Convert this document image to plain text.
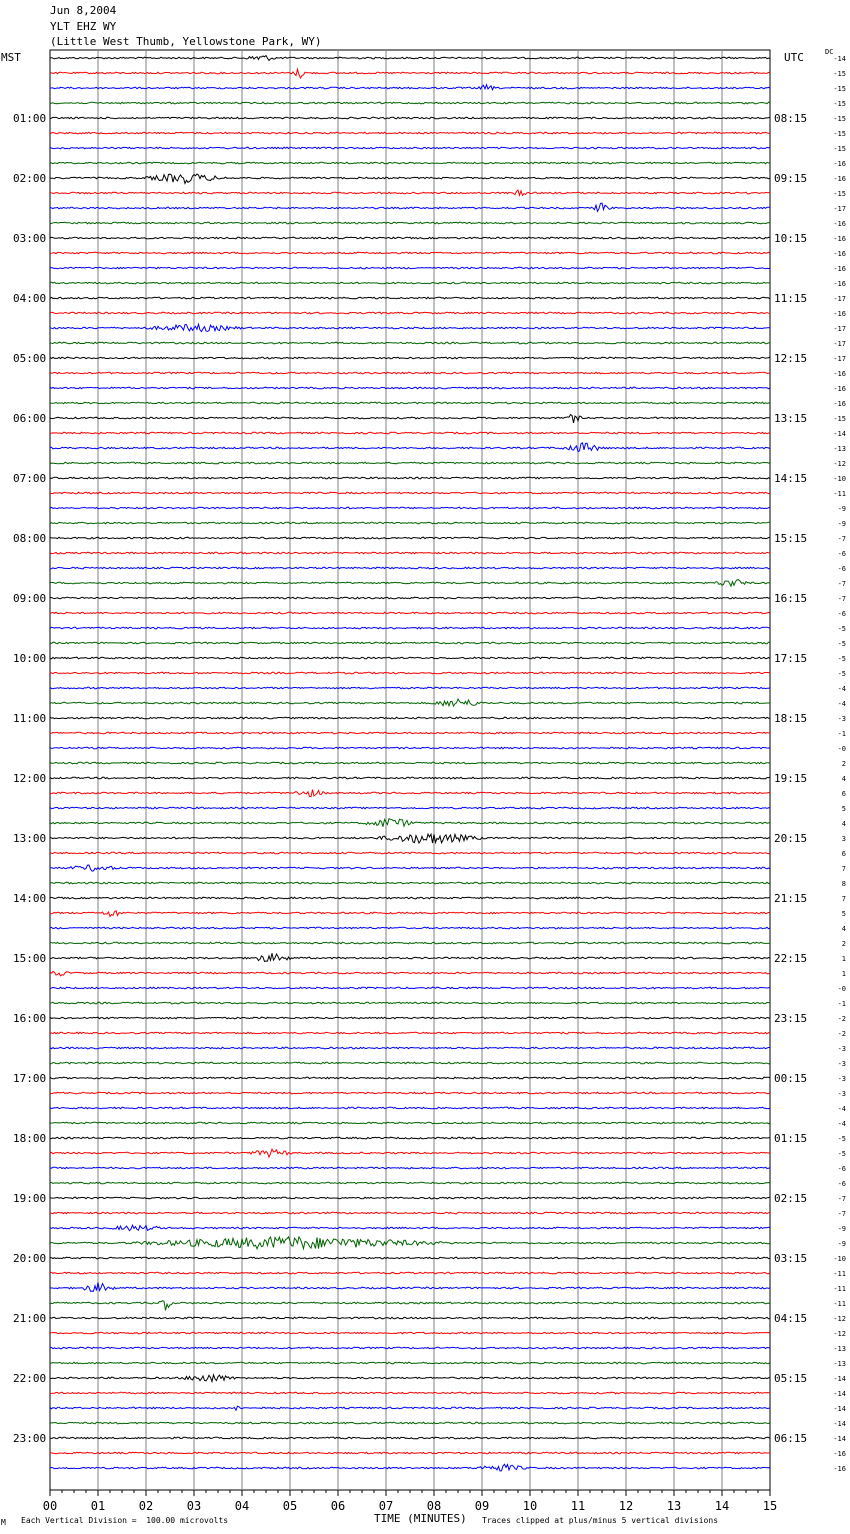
Jun 8,2004
YLT EHZ WY
(Little West Thumb, Yellowstone Park, WY)
MST	UTC	DC
00	01	02	03	04	05	06	07	08	09	10	11	12	13	14	15
-14
-15
-15
-15
-15
-15
-15
-16
-16
-15
-17
-16
-16
-16
-16
-16
-17
-16
-17
-17
-17
-16
-16
-16
-15
-14
-13
-12
-10
-11
-9
-9
-7
-6
-6
-7
-7
-6
-5
-5
-5
-5
-4
-4
-3
-1
-0
2
4
6
5
4
3
6
7
8
7
5
4
2
1
1
-0
-1
-2
-2
-3
-3
-3
-3
-4
-4
-5
-5
-6
-6
-7
-7
-9
-9
-10
-11
-11
-11
-12
-12
-13
-13
-14
-14
-14
-14
-14
-16
-16
01:00
02:00
03:00
04:00
05:00
06:00
07:00
08:00
09:00
10:00
11:00
12:00
13:00
14:00
15:00
16:00
17:00
18:00
19:00
20:00
21:00
22:00
23:00
08:15
09:15
10:15
11:15
12:15
13:15
14:15
15:15
16:15
17:15
18:15
19:15
20:15
21:15
22:15
23:15
00:15
01:15
02:15
03:15
04:15
05:15
06:15
M Each Vertical Division =  100.00 microvolts	TIME (MINUTES) Traces clipped at plus/minus 5 vertical divisions
